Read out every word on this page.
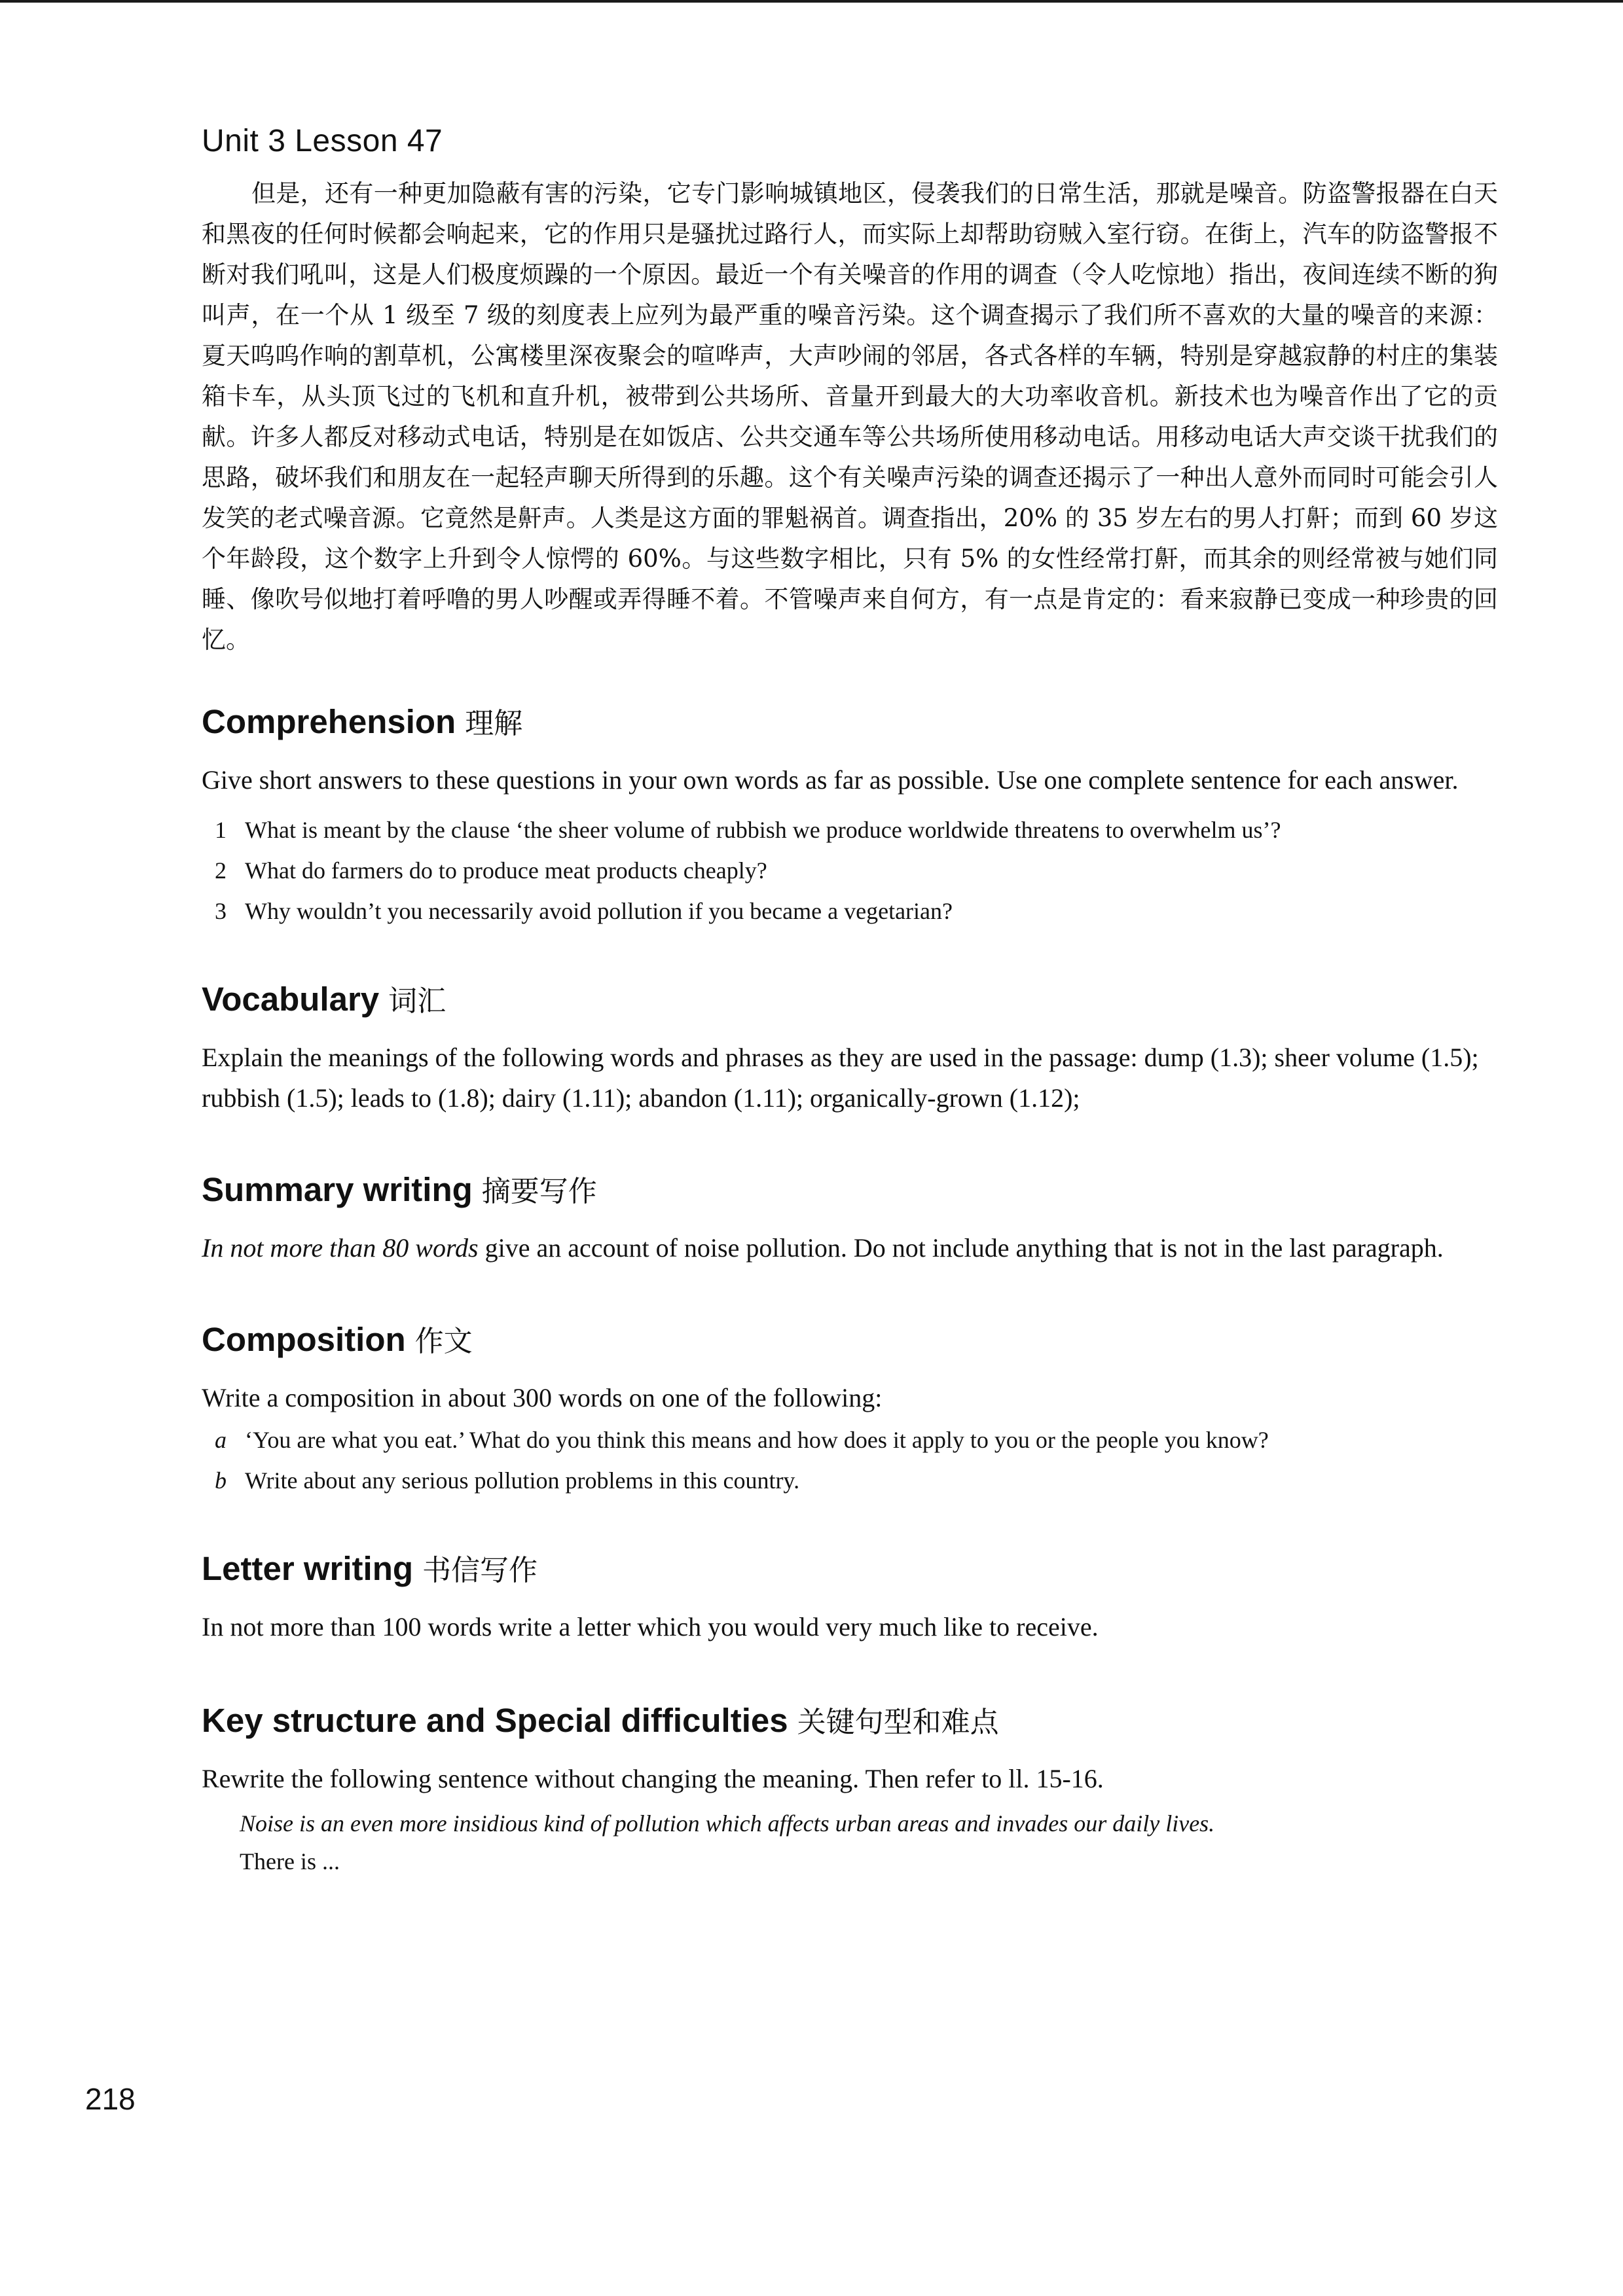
Unit 3 Lesson 47

但是，还有一种更加隐蔽有害的污染，它专门影响城镇地区，侵袭我们的日常生活，那就是噪音。防盗警报器在白天和黑夜的任何时候都会响起来，它的作用只是骚扰过路行人，而实际上却帮助窃贼入室行窃。在街上，汽车的防盗警报不断对我们吼叫，这是人们极度烦躁的一个原因。最近一个有关噪音的作用的调查（令人吃惊地）指出，夜间连续不断的狗叫声，在一个从 1 级至 7 级的刻度表上应列为最严重的噪音污染。这个调查揭示了我们所不喜欢的大量的噪音的来源：夏天呜呜作响的割草机，公寓楼里深夜聚会的喧哗声，大声吵闹的邻居，各式各样的车辆，特别是穿越寂静的村庄的集装箱卡车，从头顶飞过的飞机和直升机，被带到公共场所、音量开到最大的大功率收音机。新技术也为噪音作出了它的贡献。许多人都反对移动式电话，特别是在如饭店、公共交通车等公共场所使用移动电话。用移动电话大声交谈干扰我们的思路，破坏我们和朋友在一起轻声聊天所得到的乐趣。这个有关噪声污染的调查还揭示了一种出人意外而同时可能会引人发笑的老式噪音源。它竟然是鼾声。人类是这方面的罪魁祸首。调查指出，20% 的 35 岁左右的男人打鼾；而到 60 岁这个年龄段，这个数字上升到令人惊愕的 60%。与这些数字相比，只有 5% 的女性经常打鼾，而其余的则经常被与她们同睡、像吹号似地打着呼噜的男人吵醒或弄得睡不着。不管噪声来自何方，有一点是肯定的：看来寂静已变成一种珍贵的回忆。

Comprehension 理解

Give short answers to these questions in your own words as far as possible. Use one complete sentence for each answer.

1 What is meant by the clause ‘the sheer volume of rubbish we produce worldwide threatens to overwhelm us’?
2 What do farmers do to produce meat products cheaply?
3 Why wouldn’t you necessarily avoid pollution if you became a vegetarian?
Vocabulary 词汇

Explain the meanings of the following words and phrases as they are used in the passage: dump (1.3); sheer volume (1.5); rubbish (1.5); leads to (1.8); dairy (1.11); abandon (1.11); organically-grown (1.12);

Summary writing 摘要写作

In not more than 80 words give an account of noise pollution. Do not include anything that is not in the last paragraph.

Composition 作文

Write a composition in about 300 words on one of the following:

a ‘You are what you eat.’ What do you think this means and how does it apply to you or the people you know?
b Write about any serious pollution problems in this country.
Letter writing 书信写作

In not more than 100 words write a letter which you would very much like to receive.

Key structure and Special difficulties 关键句型和难点

Rewrite the following sentence without changing the meaning. Then refer to ll. 15-16.

Noise is an even more insidious kind of pollution which affects urban areas and invades our daily lives.
There is ...
218
